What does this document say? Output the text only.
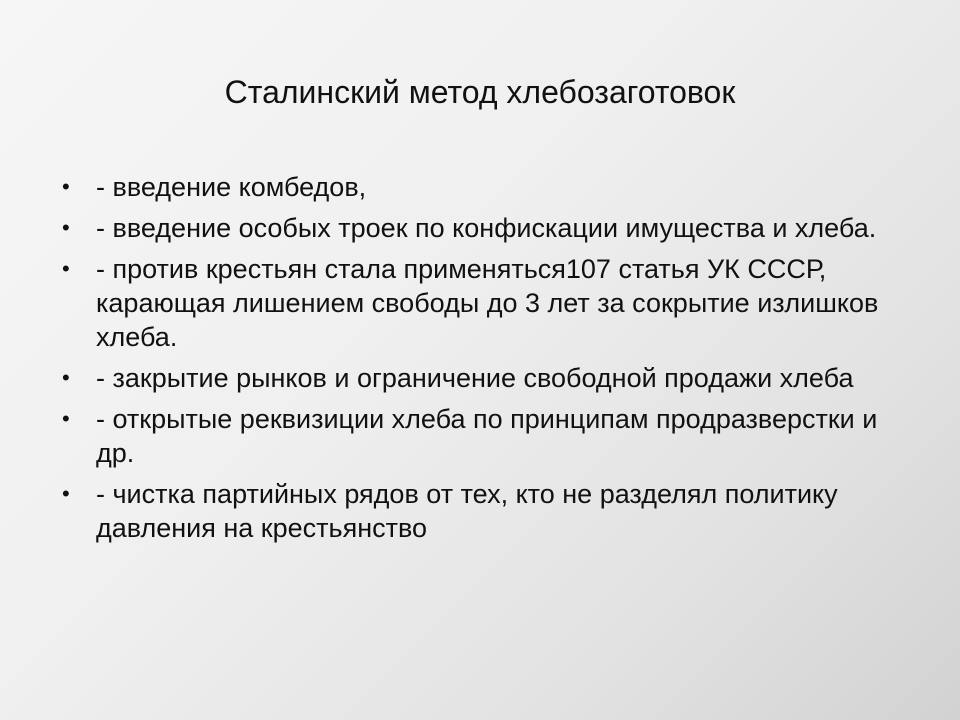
Сталинский метод хлебозаготовок
• - введение комбедов,
• - введение особых троек по конфискации имущества и хлеба.
• - против крестьян стала применяться107 статья УК СССР, карающая лишением свободы до 3 лет за сокрытие излишков хлеба.
• - закрытие рынков и ограничение свободной продажи хлеба
• - открытые реквизиции хлеба по принципам продразверстки и др.
• - чистка партийных рядов от тех, кто не разделял политику давления на крестьянство
